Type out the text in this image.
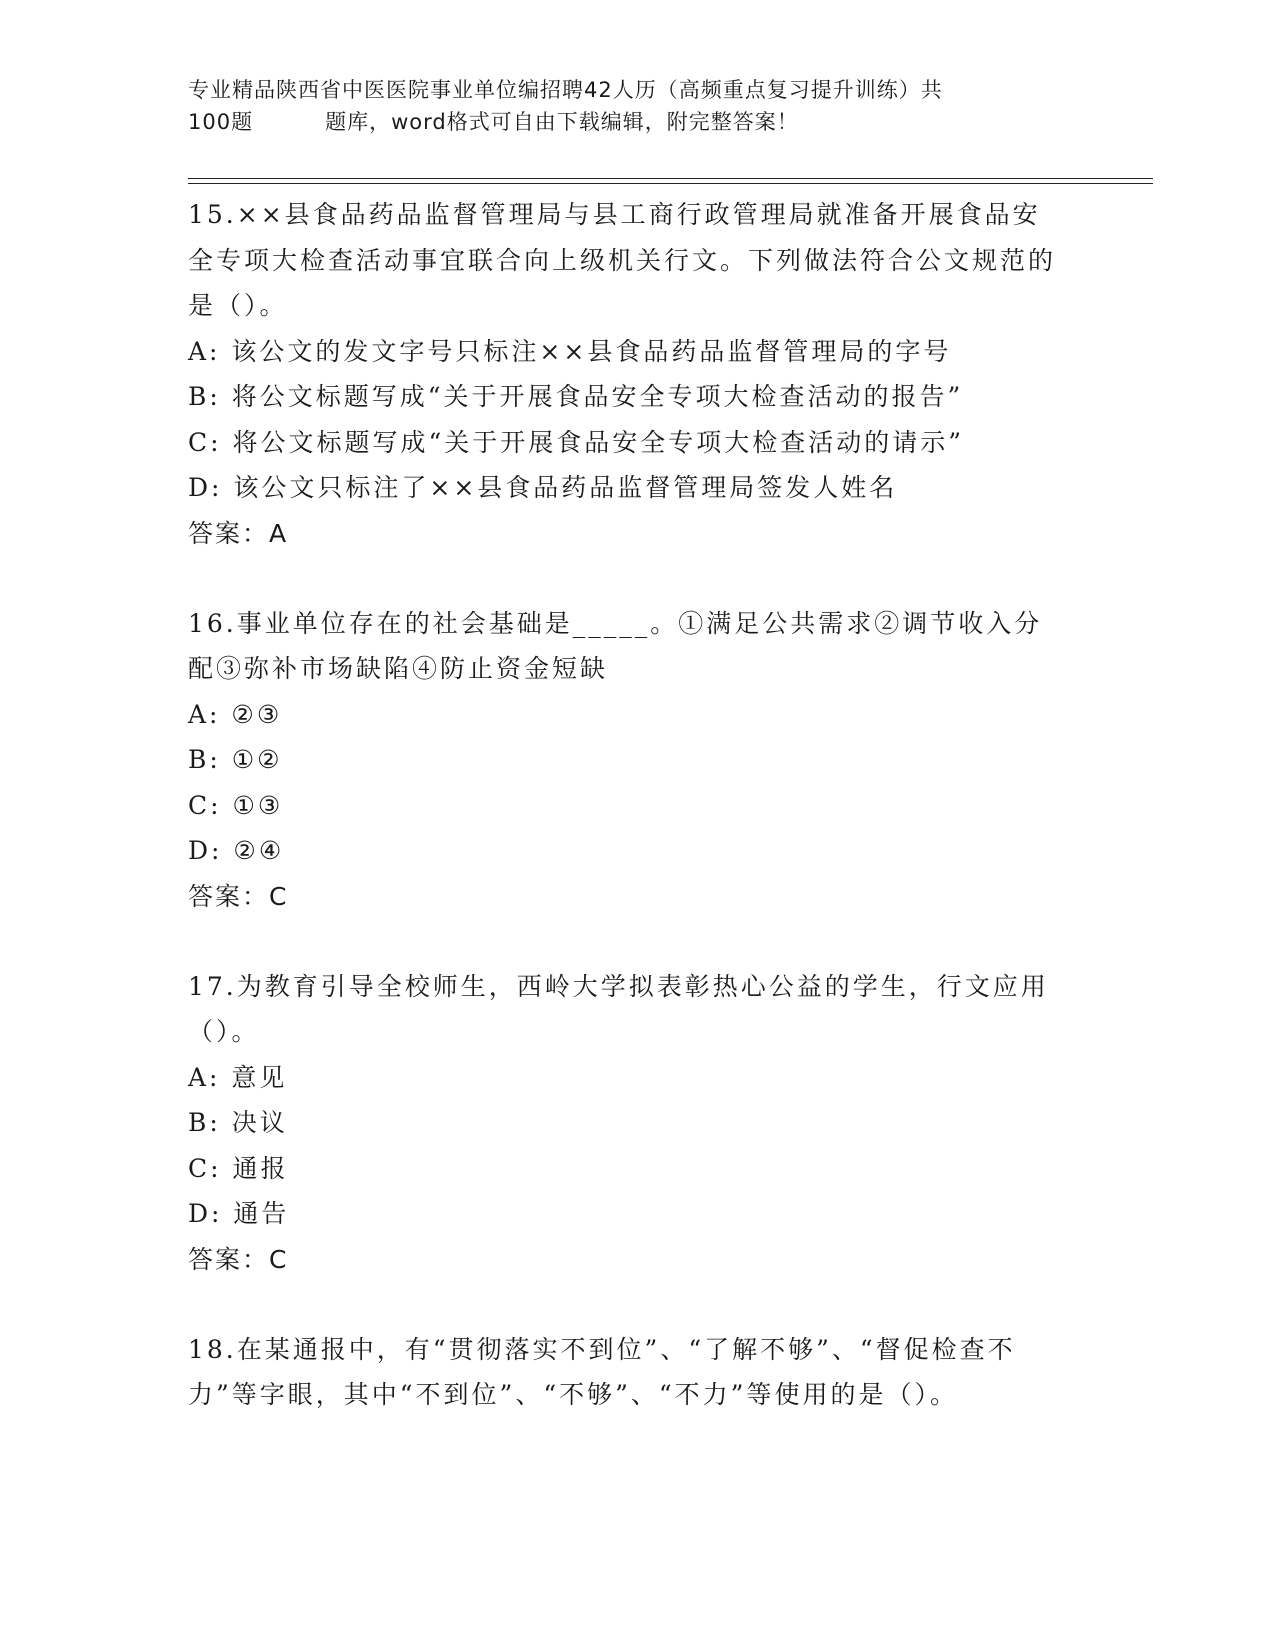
专业精品陕西省中医医院事业单位编招聘42人历（高频重点复习提升训练）共
100题	题库，word格式可自由下载编辑，附完整答案！

15.××县食品药品监督管理局与县工商行政管理局就准备开展食品安全专项大检查活动事宜联合向上级机关行文。下列做法符合公文规范的是（）。

A: 该公文的发文字号只标注××县食品药品监督管理局的字号

B: 将公文标题写成“关于开展食品安全专项大检查活动的报告”

C: 将公文标题写成“关于开展食品安全专项大检查活动的请示”

D: 该公文只标注了××县食品药品监督管理局签发人姓名

答案：A

16.事业单位存在的社会基础是_____。①满足公共需求②调节收入分配③弥补市场缺陷④防止资金短缺

A: ②③

B: ①②

C: ①③

D: ②④

答案：C

17.为教育引导全校师生，西岭大学拟表彰热心公益的学生，行文应用（）。

A: 意见

B: 决议

C: 通报

D: 通告

答案：C

18.在某通报中，有“贯彻落实不到位”、“了解不够”、“督促检查不力”等字眼，其中“不到位”、“不够”、“不力”等使用的是（）。
